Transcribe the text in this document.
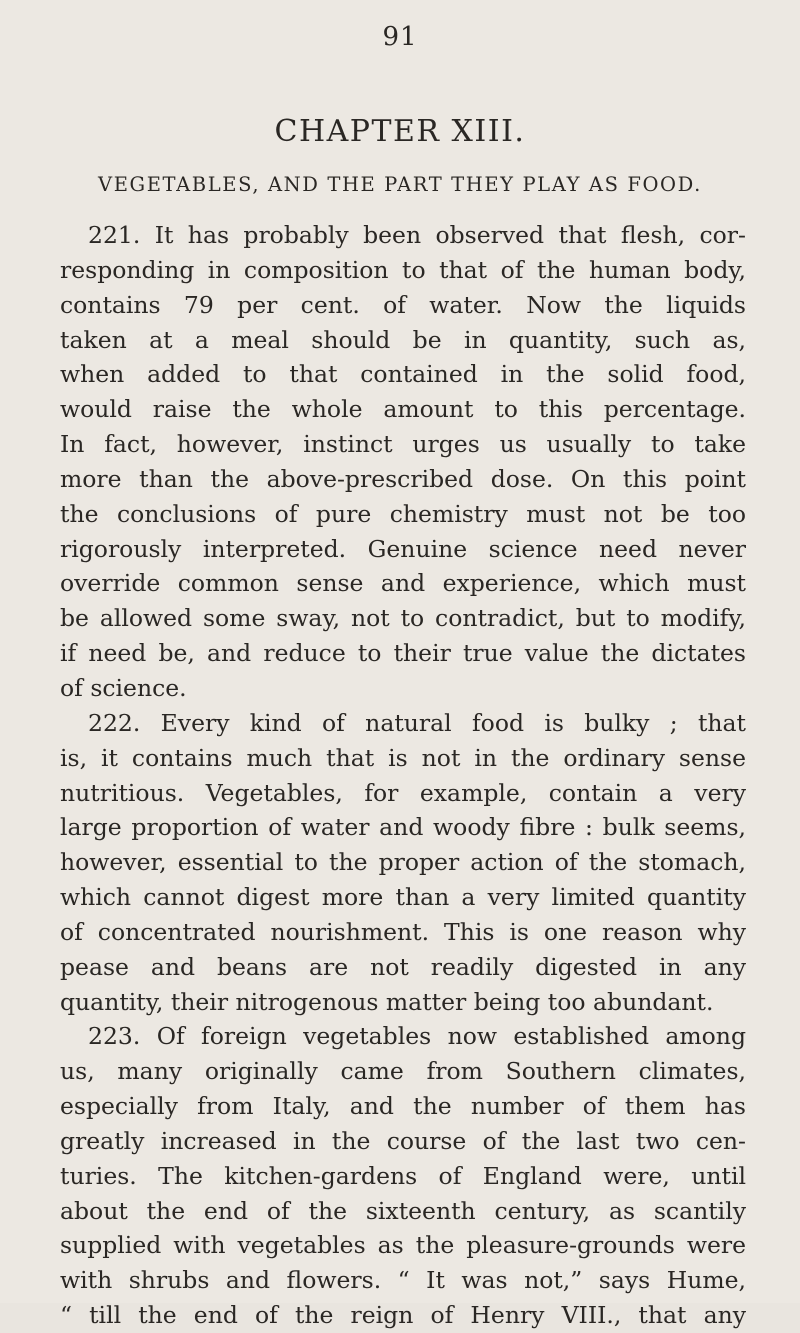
91
CHAPTER XIII.
VEGETABLES, AND THE PART THEY PLAY AS FOOD.
221. It has probably been observed that flesh, cor-
responding in composition to that of the human body,
contains 79 per cent. of water. Now the liquids
taken at a meal should be in quantity, such as,
when added to that contained in the solid food,
would raise the whole amount to this percentage.
In fact, however, instinct urges us usually to take
more than the above-prescribed dose. On this point
the conclusions of pure chemistry must not be too
rigorously interpreted. Genuine science need never
override common sense and experience, which must
be allowed some sway, not to contradict, but to modify,
if need be, and reduce to their true value the dictates
of science.
222. Every kind of natural food is bulky ; that
is, it contains much that is not in the ordinary sense
nutritious. Vegetables, for example, contain a very
large proportion of water and woody fibre : bulk seems,
however, essential to the proper action of the stomach,
which cannot digest more than a very limited quantity
of concentrated nourishment. This is one reason why
pease and beans are not readily digested in any
quantity, their nitrogenous matter being too abundant.
223. Of foreign vegetables now established among
us, many originally came from Southern climates,
especially from Italy, and the number of them has
greatly increased in the course of the last two cen-
turies. The kitchen-gardens of England were, until
about the end of the sixteenth century, as scantily
supplied with vegetables as the pleasure-grounds were
with shrubs and flowers. “ It was not,” says Hume,
“ till the end of the reign of Henry VIII., that any
